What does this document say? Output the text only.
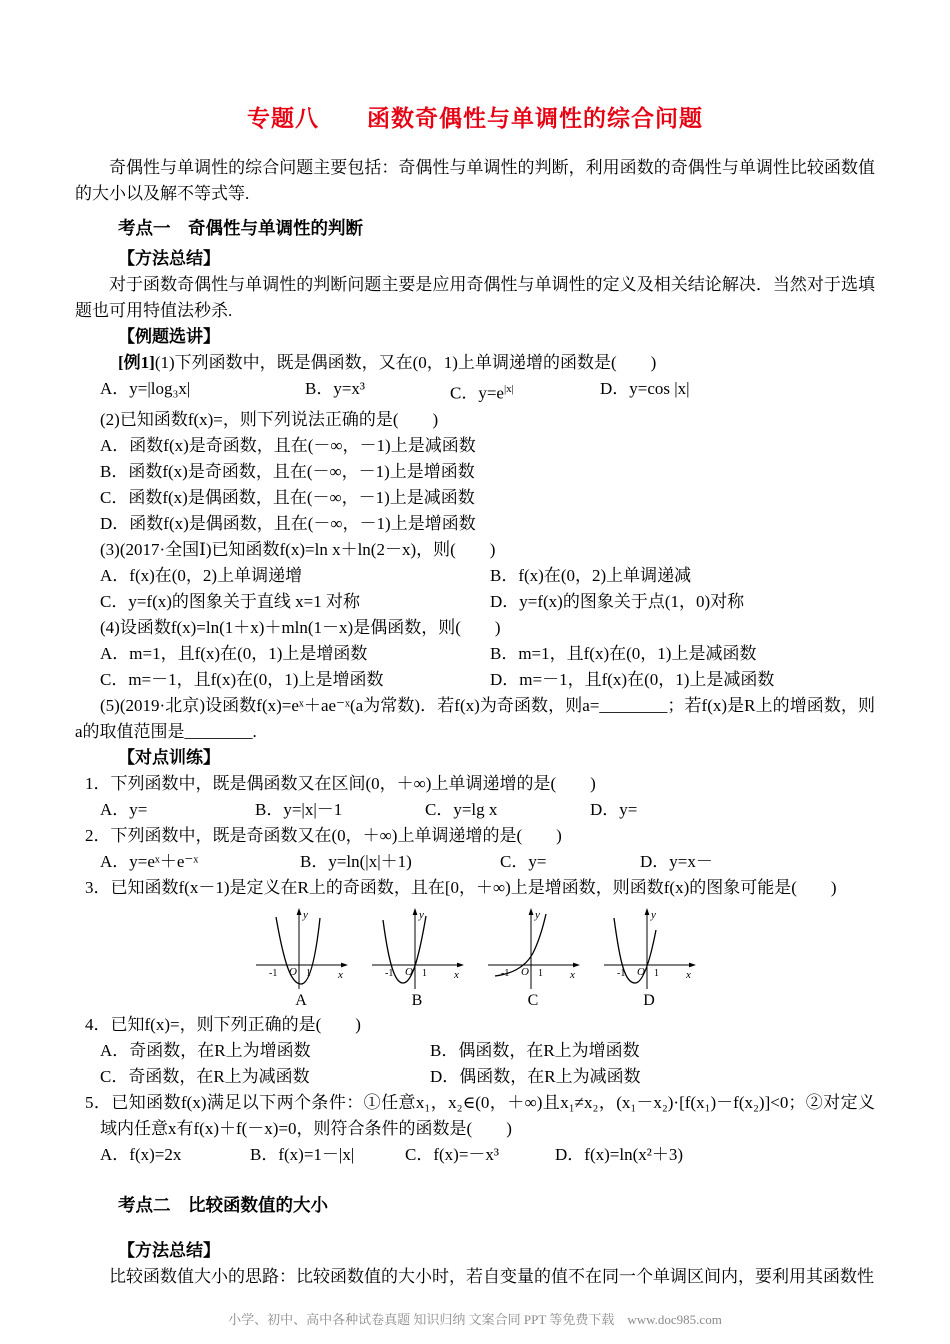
专题八　　函数奇偶性与单调性的综合问题

奇偶性与单调性的综合问题主要包括：奇偶性与单调性的判断，利用函数的奇偶性与单调性比较函数值的大小以及解不等式等.

考点一　奇偶性与单调性的判断
【方法总结】

对于函数奇偶性与单调性的判断问题主要是应用奇偶性与单调性的定义及相关结论解决．当然对于选填题也可用特值法秒杀.

【例题选讲】
[例1](1)下列函数中，既是偶函数，又在(0，1)上单调递增的函数是(　　)
A．y=|log₃x|	B．y=x³	C．$y=e^{|x|}$	D．y=cos |x|
(2)已知函数f(x)=，则下列说法正确的是(　　)
A．函数f(x)是奇函数，且在(－∞，－1)上是减函数
B．函数f(x)是奇函数，且在(－∞，－1)上是增函数
C．函数f(x)是偶函数，且在(－∞，－1)上是减函数
D．函数f(x)是偶函数，且在(－∞，－1)上是增函数
(3)(2017·全国Ⅰ)已知函数f(x)=ln x＋ln(2－x)，则(　　)
A．f(x)在(0，2)上单调递增	B．f(x)在(0，2)上单调递减
C．y=f(x)的图象关于直线 x=1 对称	D．y=f(x)的图象关于点(1，0)对称
(4)设函数f(x)=ln(1＋x)＋mln(1－x)是偶函数，则(　　)
A．m=1，且f(x)在(0，1)上是增函数	B．m=1，且f(x)在(0，1)上是减函数
C．m=－1，且f(x)在(0，1)上是增函数	D．m=－1，且f(x)在(0，1)上是减函数
(5)(2019·北京)设函数f(x)=eˣ＋ae⁻ˣ(a为常数)．若f(x)为奇函数，则a=________；若f(x)是R上的增函数，则a的取值范围是________.
【对点训练】
1．下列函数中，既是偶函数又在区间(0，＋∞)上单调递增的是(　　)
A．y=	B．y=|x|－1	C．y=lg x	D．y=
2．下列函数中，既是奇函数又在(0，＋∞)上单调递增的是(　　)
A．y=eˣ＋e⁻ˣ	B．y=ln(|x|＋1)	C．y=	D．y=x－
3．已知函数f(x－1)是定义在R上的奇函数，且在[0，＋∞)上是增函数，则函数f(x)的图象可能是(　　)
y
x
O
-1	1
A
y
x
O
-1	1
B
y
x
O
-1	1
C
y
x
O
-1	1
D
4．已知f(x)=，则下列正确的是(　　)
A．奇函数，在R上为增函数	B．偶函数，在R上为增函数
C．奇函数，在R上为减函数	D．偶函数，在R上为减函数
5．已知函数f(x)满足以下两个条件：①任意x₁，x₂∈(0，＋∞)且x₁≠x₂，(x₁－x₂)·[f(x₁)－f(x₂)]<0；②对定义域内任意x有f(x)＋f(－x)=0，则符合条件的函数是(　　)
A．f(x)=2x	B．f(x)=1－|x|	C．f(x)=－x³	D．f(x)=ln(x²＋3)
考点二　比较函数值的大小
【方法总结】

比较函数值大小的思路：比较函数值的大小时，若自变量的值不在同一个单调区间内，要利用其函数性

小学、初中、高中各种试卷真题 知识归纳 文案合同 PPT 等免费下载　www.doc985.com
